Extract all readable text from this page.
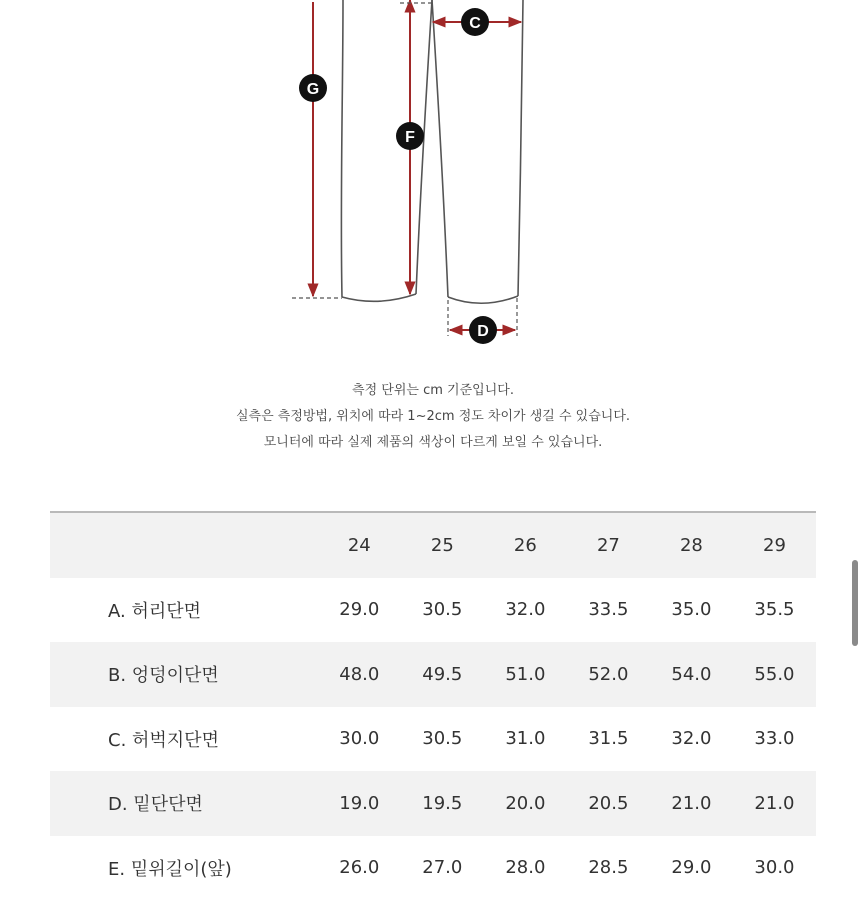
G
F
C
D
측정 단위는 cm 기준입니다.
실측은 측정방법, 위치에 따라 1~2cm 정도 차이가 생길 수 있습니다.
모니터에 따라 실제 제품의 색상이 다르게 보일 수 있습니다.
	24	25	26	27	28	29
A. 허리단면	29.0	30.5	32.0	33.5	35.0	35.5
B. 엉덩이단면	48.0	49.5	51.0	52.0	54.0	55.0
C. 허벅지단면	30.0	30.5	31.0	31.5	32.0	33.0
D. 밑단단면	19.0	19.5	20.0	20.5	21.0	21.0
E. 밑위길이(앞)	26.0	27.0	28.0	28.5	29.0	30.0
